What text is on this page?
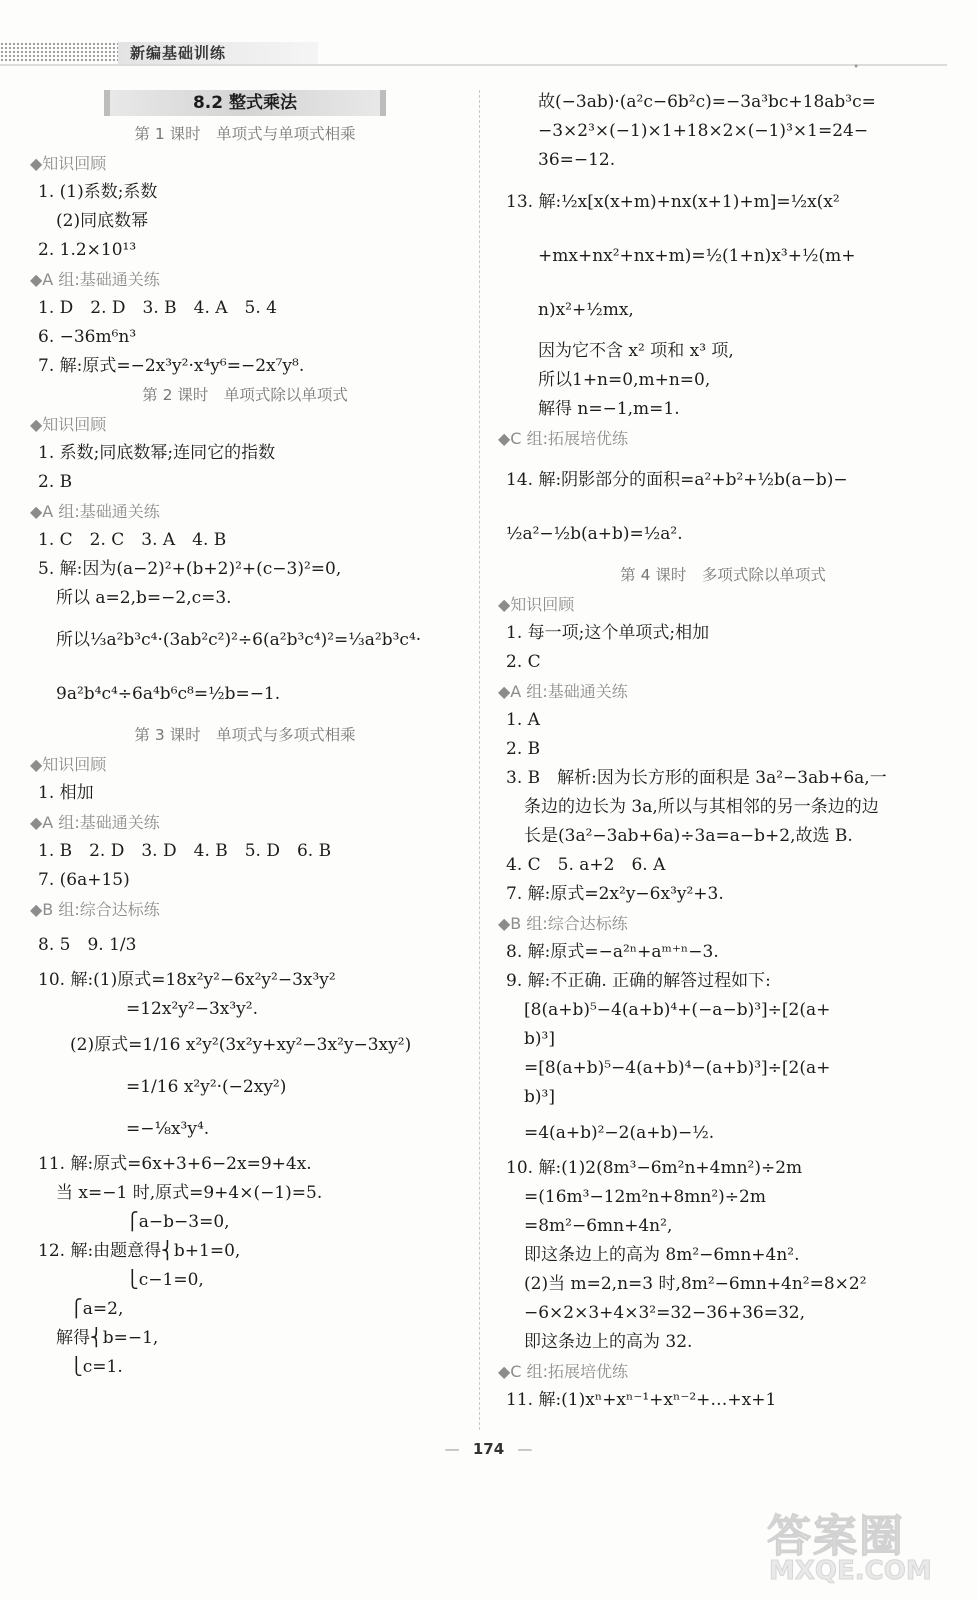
新编基础训练
•
8.2 整式乘法
第 1 课时　单项式与单项式相乘
◆知识回顾
1. (1)系数;系数
(2)同底数幂
2. 1.2×10¹³
◆A 组:基础通关练
1. D　2. D　3. B　4. A　5. 4
6. −36m⁶n³
7. 解:原式=−2x³y²·x⁴y⁶=−2x⁷y⁸.
第 2 课时　单项式除以单项式
◆知识回顾
1. 系数;同底数幂;连同它的指数
2. B
◆A 组:基础通关练
1. C　2. C　3. A　4. B
5. 解:因为(a−2)²+(b+2)²+(c−3)²=0,
所以 a=2,b=−2,c=3.
所以⅓a²b³c⁴·(3ab²c²)²÷6(a²b³c⁴)²=⅓a²b³c⁴·
9a²b⁴c⁴÷6a⁴b⁶c⁸=½b=−1.
第 3 课时　单项式与多项式相乘
◆知识回顾
1. 相加
◆A 组:基础通关练
1. B　2. D　3. D　4. B　5. D　6. B
7. (6a+15)
◆B 组:综合达标练
8. 5　9. 1/3
10. 解:(1)原式=18x²y²−6x²y²−3x³y²
=12x²y²−3x³y².
(2)原式=1/16 x²y²(3x²y+xy²−3x²y−3xy²)
=1/16 x²y²·(−2xy²)
=−⅛x³y⁴.
11. 解:原式=6x+3+6−2x=9+4x.
当 x=−1 时,原式=9+4×(−1)=5.
⎧a−b−3=0,
12. 解:由题意得⎨b+1=0,
⎩c−1=0,
⎧a=2,
解得⎨b=−1,
⎩c=1.
故(−3ab)·(a²c−6b²c)=−3a³bc+18ab³c=
−3×2³×(−1)×1+18×2×(−1)³×1=24−
36=−12.
13. 解:½x[x(x+m)+nx(x+1)+m]=½x(x²
+mx+nx²+nx+m)=½(1+n)x³+½(m+
n)x²+½mx,
因为它不含 x² 项和 x³ 项,
所以1+n=0,m+n=0,
解得 n=−1,m=1.
◆C 组:拓展培优练
14. 解:阴影部分的面积=a²+b²+½b(a−b)−
½a²−½b(a+b)=½a².
第 4 课时　多项式除以单项式
◆知识回顾
1. 每一项;这个单项式;相加
2. C
◆A 组:基础通关练
1. A
2. B
3. B　解析:因为长方形的面积是 3a²−3ab+6a,一
条边的边长为 3a,所以与其相邻的另一条边的边
长是(3a²−3ab+6a)÷3a=a−b+2,故选 B.
4. C　5. a+2　6. A
7. 解:原式=2x²y−6x³y²+3.
◆B 组:综合达标练
8. 解:原式=−a²ⁿ+aᵐ⁺ⁿ−3.
9. 解:不正确. 正确的解答过程如下:
[8(a+b)⁵−4(a+b)⁴+(−a−b)³]÷[2(a+
b)³]
=[8(a+b)⁵−4(a+b)⁴−(a+b)³]÷[2(a+
b)³]
=4(a+b)²−2(a+b)−½.
10. 解:(1)2(8m³−6m²n+4mn²)÷2m
=(16m³−12m²n+8mn²)÷2m
=8m²−6mn+4n²,
即这条边上的高为 8m²−6mn+4n².
(2)当 m=2,n=3 时,8m²−6mn+4n²=8×2²
−6×2×3+4×3²=32−36+36=32,
即这条边上的高为 32.
◆C 组:拓展培优练
11. 解:(1)xⁿ+xⁿ⁻¹+xⁿ⁻²+…+x+1
— 174 —
答案圈
MXQE.COM
